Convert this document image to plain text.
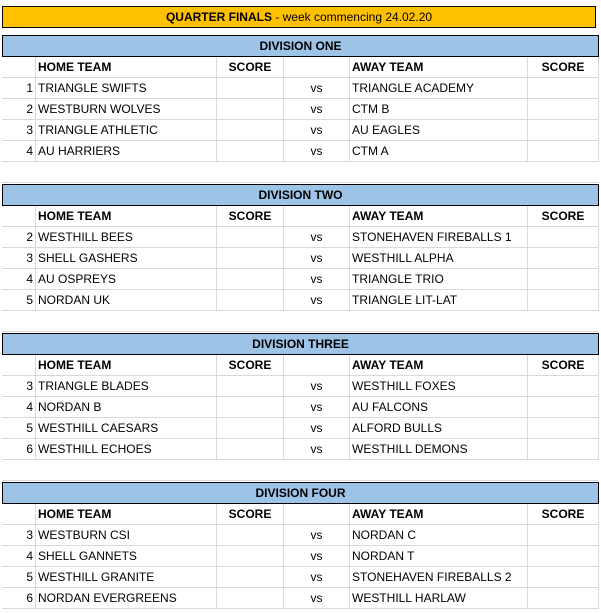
QUARTER FINALS - week commencing 24.02.20
DIVISION ONE
HOME TEAM	SCORE	AWAY TEAM	SCORE
1 TRIANGLE SWIFTS	vs	TRIANGLE ACADEMY
2 WESTBURN WOLVES	vs	CTM B
3 TRIANGLE ATHLETIC	vs	AU EAGLES
4 AU HARRIERS	vs	CTM A
DIVISION TWO
HOME TEAM	SCORE	AWAY TEAM	SCORE
2 WESTHILL BEES	vs	STONEHAVEN FIREBALLS 1
3 SHELL GASHERS	vs	WESTHILL ALPHA
4 AU OSPREYS	vs	TRIANGLE TRIO
5 NORDAN UK	vs	TRIANGLE LIT-LAT
DIVISION THREE
HOME TEAM	SCORE	AWAY TEAM	SCORE
3 TRIANGLE BLADES	vs	WESTHILL FOXES
4 NORDAN B	vs	AU FALCONS
5 WESTHILL CAESARS	vs	ALFORD BULLS
6 WESTHILL ECHOES	vs	WESTHILL DEMONS
DIVISION FOUR
HOME TEAM	SCORE	AWAY TEAM	SCORE
3 WESTBURN CSI	vs	NORDAN C
4 SHELL GANNETS	vs	NORDAN T
5 WESTHILL GRANITE	vs	STONEHAVEN FIREBALLS 2
6 NORDAN EVERGREENS	vs	WESTHILL HARLAW
